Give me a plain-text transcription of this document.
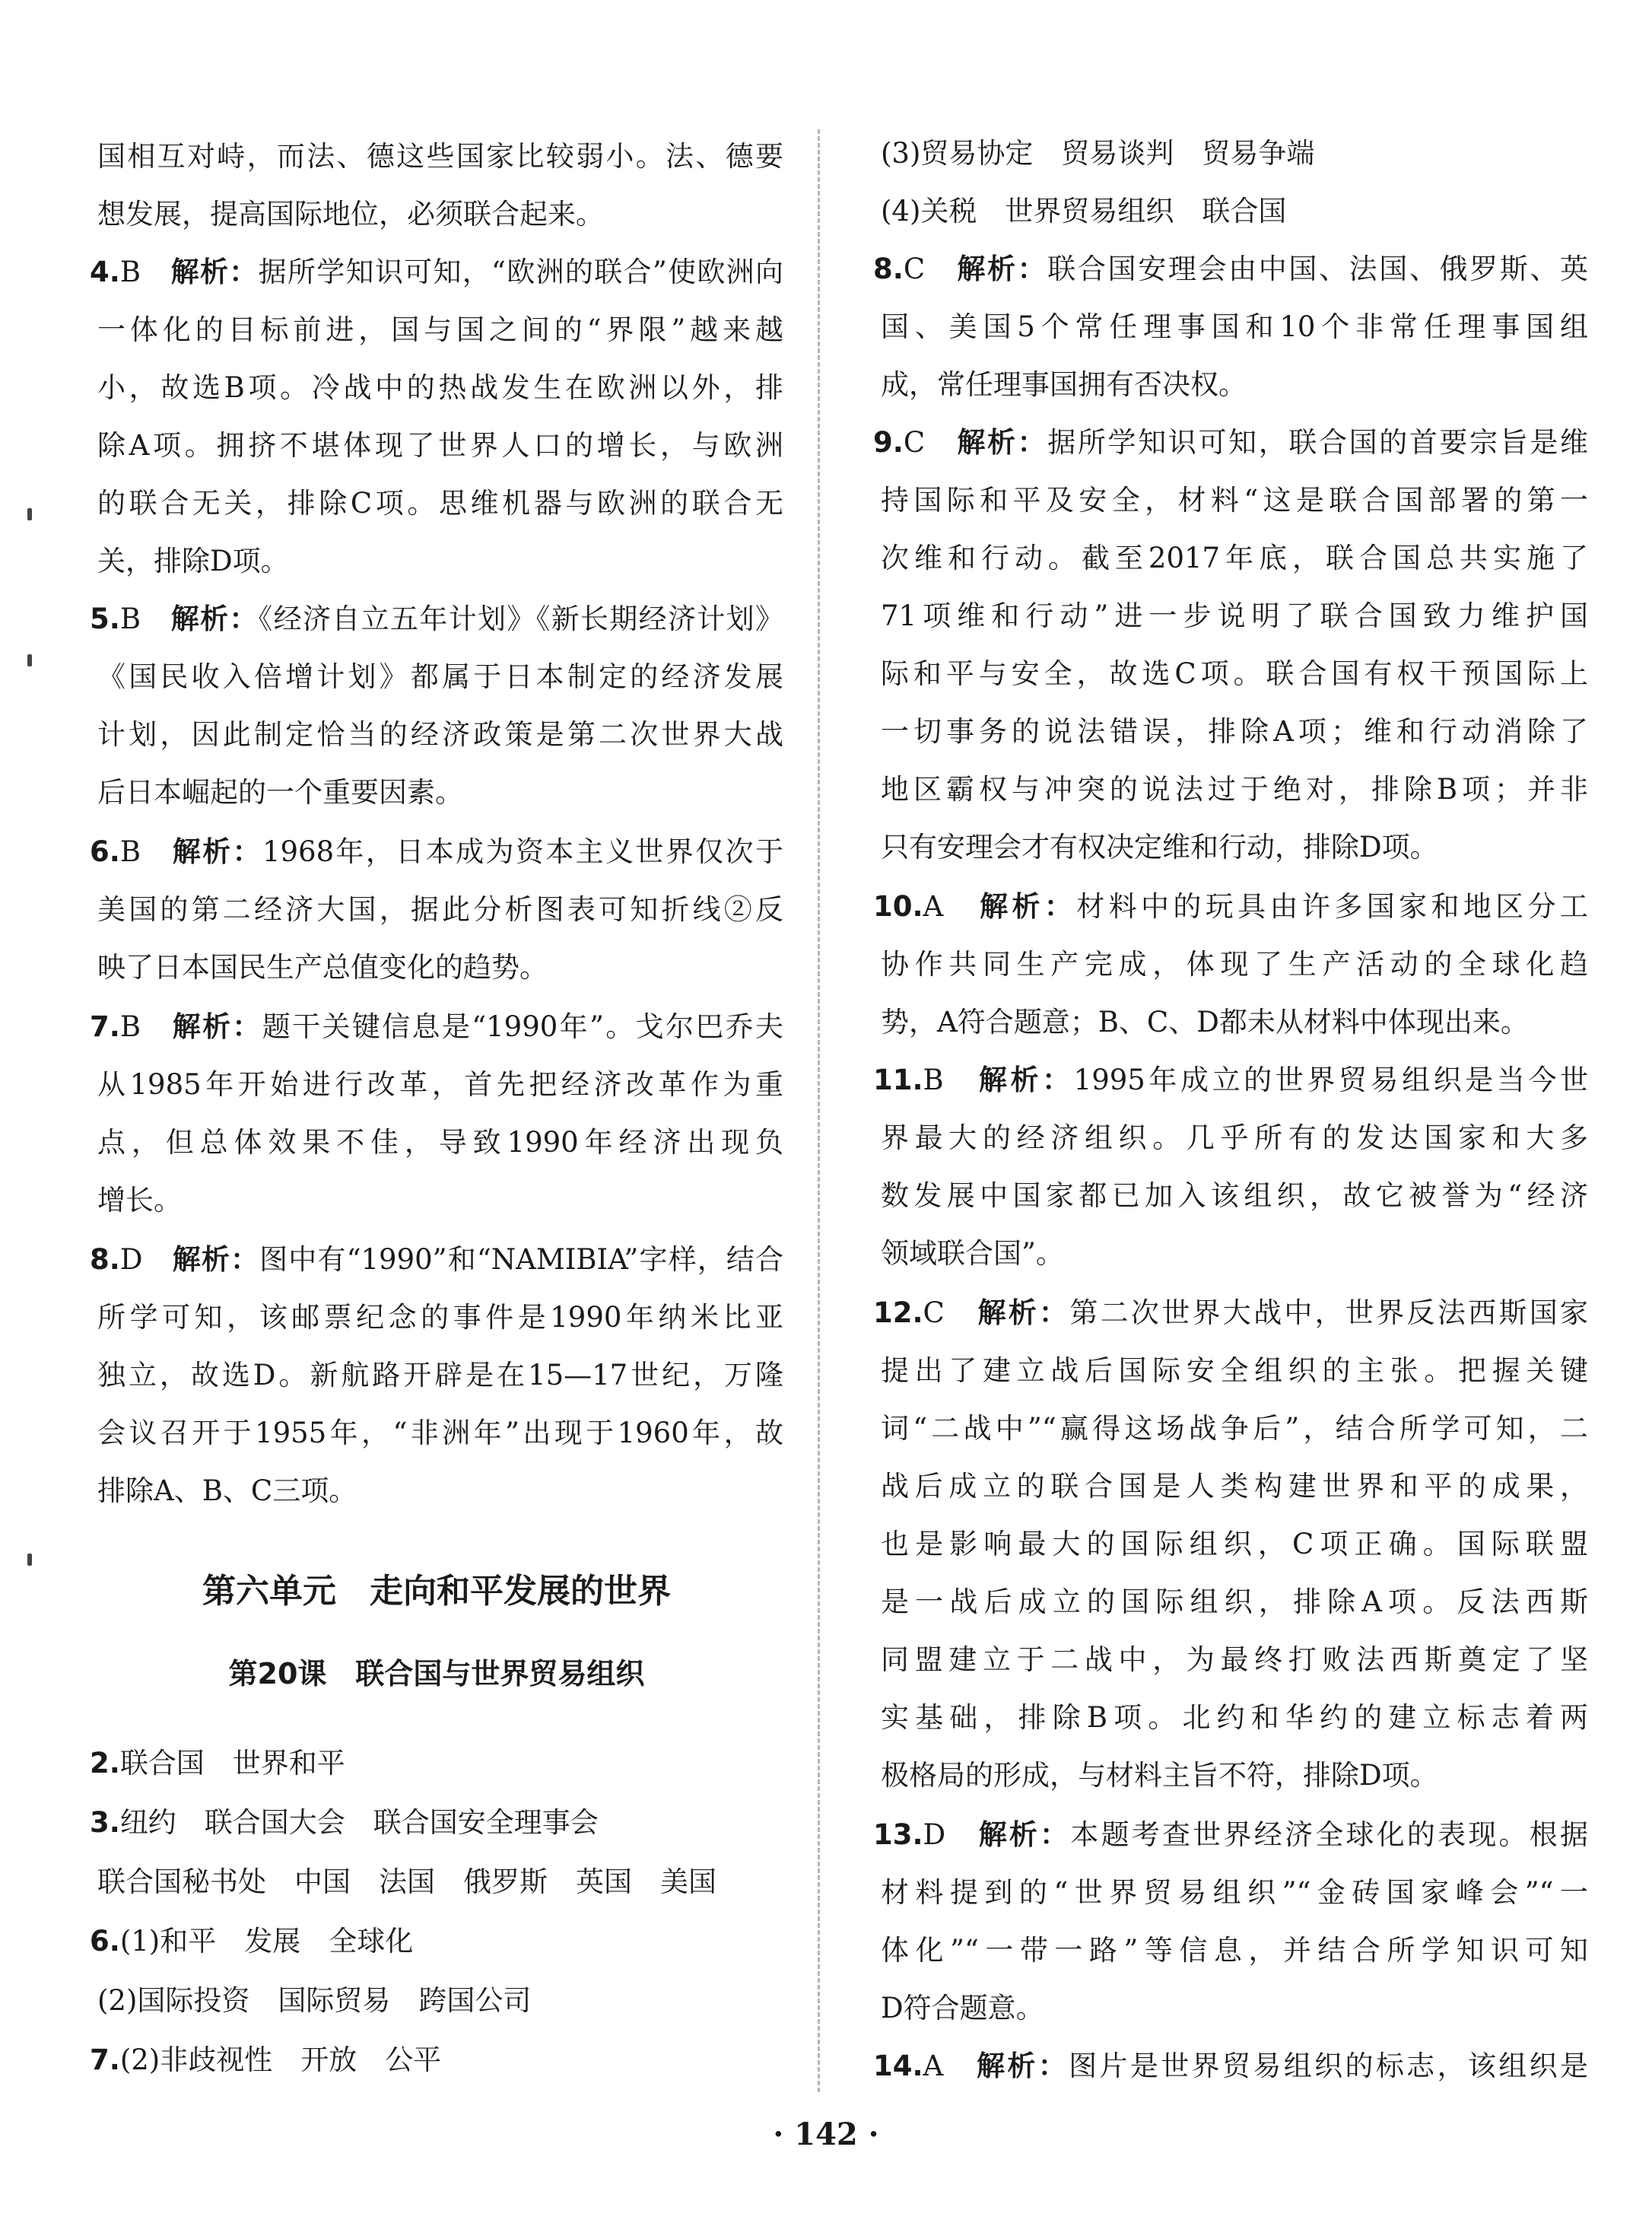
国相互对峙，而法、德这些国家比较弱小。法、德要
想发展，提高国际地位，必须联合起来。
4.B　 解析：据所学知识可知，“欧洲的联合”使欧洲向
一体化的目标前进，国与国之间的“界限”越来越
小，故选B项。冷战中的热战发生在欧洲以外，排
除A项。拥挤不堪体现了世界人口的增长，与欧洲
的联合无关，排除C项。思维机器与欧洲的联合无
关，排除D项。
5.B　 解析：《经济自立五年计划》《新长期经济计划》
《国民收入倍增计划》都属于日本制定的经济发展
计划，因此制定恰当的经济政策是第二次世界大战
后日本崛起的一个重要因素。
6.B　 解析：1968年，日本成为资本主义世界仅次于
美国的第二经济大国，据此分析图表可知折线②反
映了日本国民生产总值变化的趋势。
7.B　 解析：题干关键信息是“1990年”。戈尔巴乔夫
从1985年开始进行改革，首先把经济改革作为重
点，但总体效果不佳，导致1990年经济出现负
增长。
8.D　 解析：图中有“1990”和“NAMIBIA”字样，结合
所学可知，该邮票纪念的事件是1990年纳米比亚
独立，故选D。新航路开辟是在15—17世纪，万隆
会议召开于1955年，“非洲年”出现于1960年，故
排除A、B、C三项。
第六单元　走向和平发展的世界
第20课　联合国与世界贸易组织
2.联合国　世界和平
3.纽约　联合国大会　联合国安全理事会
联合国秘书处　中国　法国　俄罗斯　英国　美国
6.(1)和平　发展　全球化
(2)国际投资　国际贸易　跨国公司
7.(2)非歧视性　开放　公平
(3)贸易协定　贸易谈判　贸易争端
(4)关税　世界贸易组织　联合国
8.C　 解析：联合国安理会由中国、法国、俄罗斯、英
国、美国5个常任理事国和10个非常任理事国组
成，常任理事国拥有否决权。
9.C　 解析：据所学知识可知，联合国的首要宗旨是维
持国际和平及安全，材料“这是联合国部署的第一
次维和行动。截至2017年底，联合国总共实施了
71项维和行动”进一步说明了联合国致力维护国
际和平与安全，故选C项。联合国有权干预国际上
一切事务的说法错误，排除A项；维和行动消除了
地区霸权与冲突的说法过于绝对，排除B项；并非
只有安理会才有权决定维和行动，排除D项。
10.A　 解析：材料中的玩具由许多国家和地区分工
协作共同生产完成，体现了生产活动的全球化趋
势，A符合题意；B、C、D都未从材料中体现出来。
11.B　 解析：1995年成立的世界贸易组织是当今世
界最大的经济组织。几乎所有的发达国家和大多
数发展中国家都已加入该组织，故它被誉为“经济
领域联合国”。
12.C　 解析：第二次世界大战中，世界反法西斯国家
提出了建立战后国际安全组织的主张。把握关键
词“二战中”“赢得这场战争后”，结合所学可知，二
战后成立的联合国是人类构建世界和平的成果，
也是影响最大的国际组织，C项正确。国际联盟
是一战后成立的国际组织，排除A项。反法西斯
同盟建立于二战中，为最终打败法西斯奠定了坚
实基础，排除B项。北约和华约的建立标志着两
极格局的形成，与材料主旨不符，排除D项。
13.D　 解析：本题考查世界经济全球化的表现。根据
材料提到的“世界贸易组织”“金砖国家峰会”“一
体化”“一带一路”等信息，并结合所学知识可知
D符合题意。
14.A　 解析：图片是世界贸易组织的标志，该组织是
· 142 ·
